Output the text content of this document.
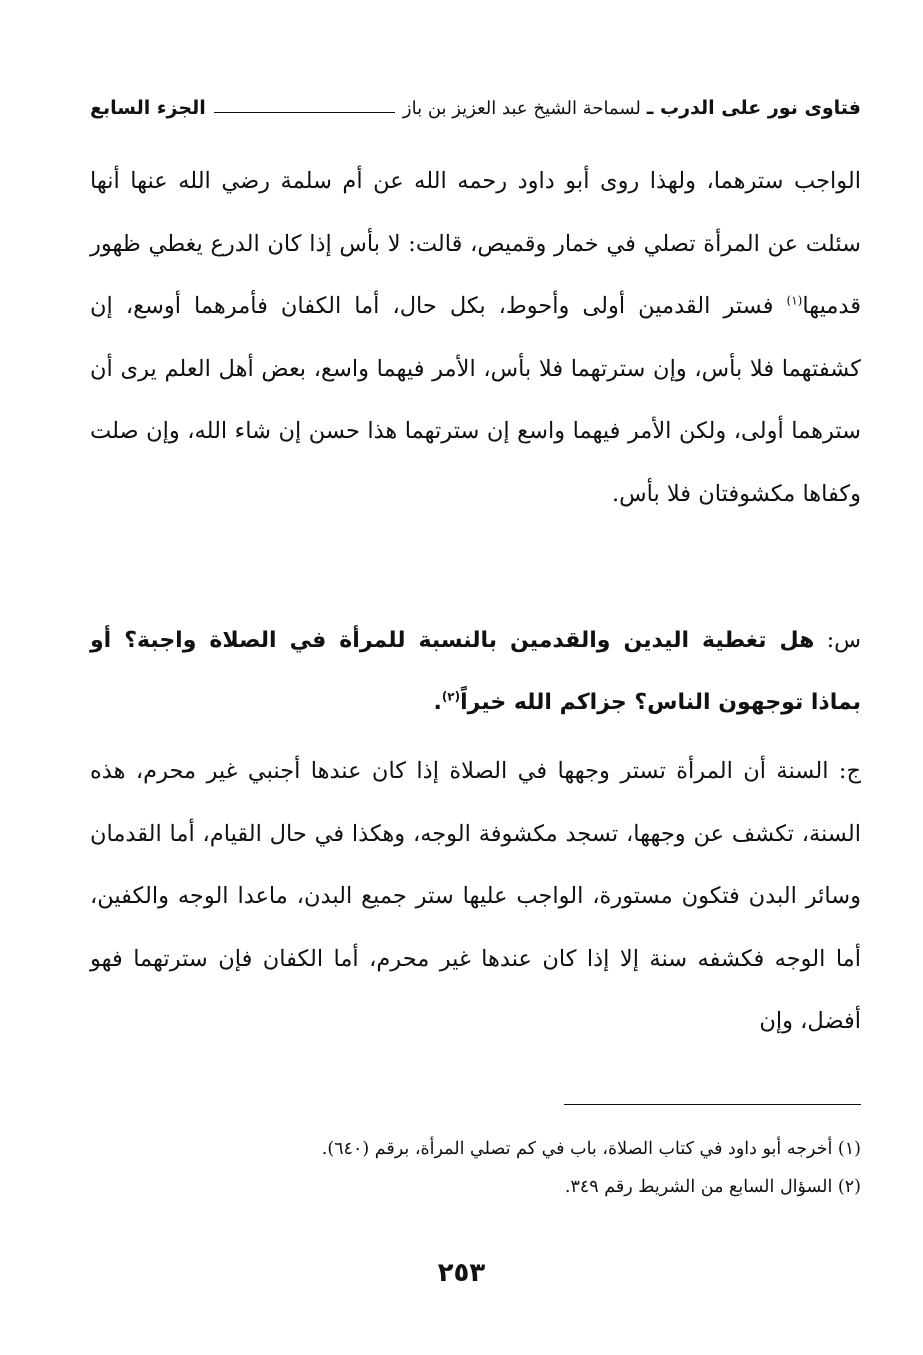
فتاوى نور على الدرب ـ
لسماحة الشيخ عبد العزيز بن باز
الجزء السابع
الواجب سترهما، ولهذا روى أبو داود رحمه الله عن أم سلمة رضي الله عنها أنها سئلت عن المرأة تصلي في خمار وقميص، قالت: لا بأس إذا كان الدرع يغطي ظهور قدميها$^{(١)}$ فستر القدمين أولى وأحوط، بكل حال، أما الكفان فأمرهما أوسع، إن كشفتهما فلا بأس، وإن سترتهما فلا بأس، الأمر فيهما واسع، بعض أهل العلم يرى أن سترهما أولى، ولكن الأمر فيهما واسع إن سترتهما هذا حسن إن شاء الله، وإن صلت وكفاها مكشوفتان فلا بأس.
س: هل تغطية اليدين والقدمين بالنسبة للمرأة في الصلاة واجبة؟ أو بماذا توجهون الناس؟ جزاكم الله خيراً$^{(٢)}$.
ج: السنة أن المرأة تستر وجهها في الصلاة إذا كان عندها أجنبي غير محرم، هذه السنة، تكشف عن وجهها، تسجد مكشوفة الوجه، وهكذا في حال القيام، أما القدمان وسائر البدن فتكون مستورة، الواجب عليها ستر جميع البدن، ماعدا الوجه والكفين، أما الوجه فكشفه سنة إلا إذا كان عندها غير محرم، أما الكفان فإن سترتهما فهو أفضل، وإن
(١) أخرجه أبو داود في كتاب الصلاة، باب في كم تصلي المرأة، برقم (٦٤٠).
(٢) السؤال السابع من الشريط رقم ٣٤٩.
٢٥٣
